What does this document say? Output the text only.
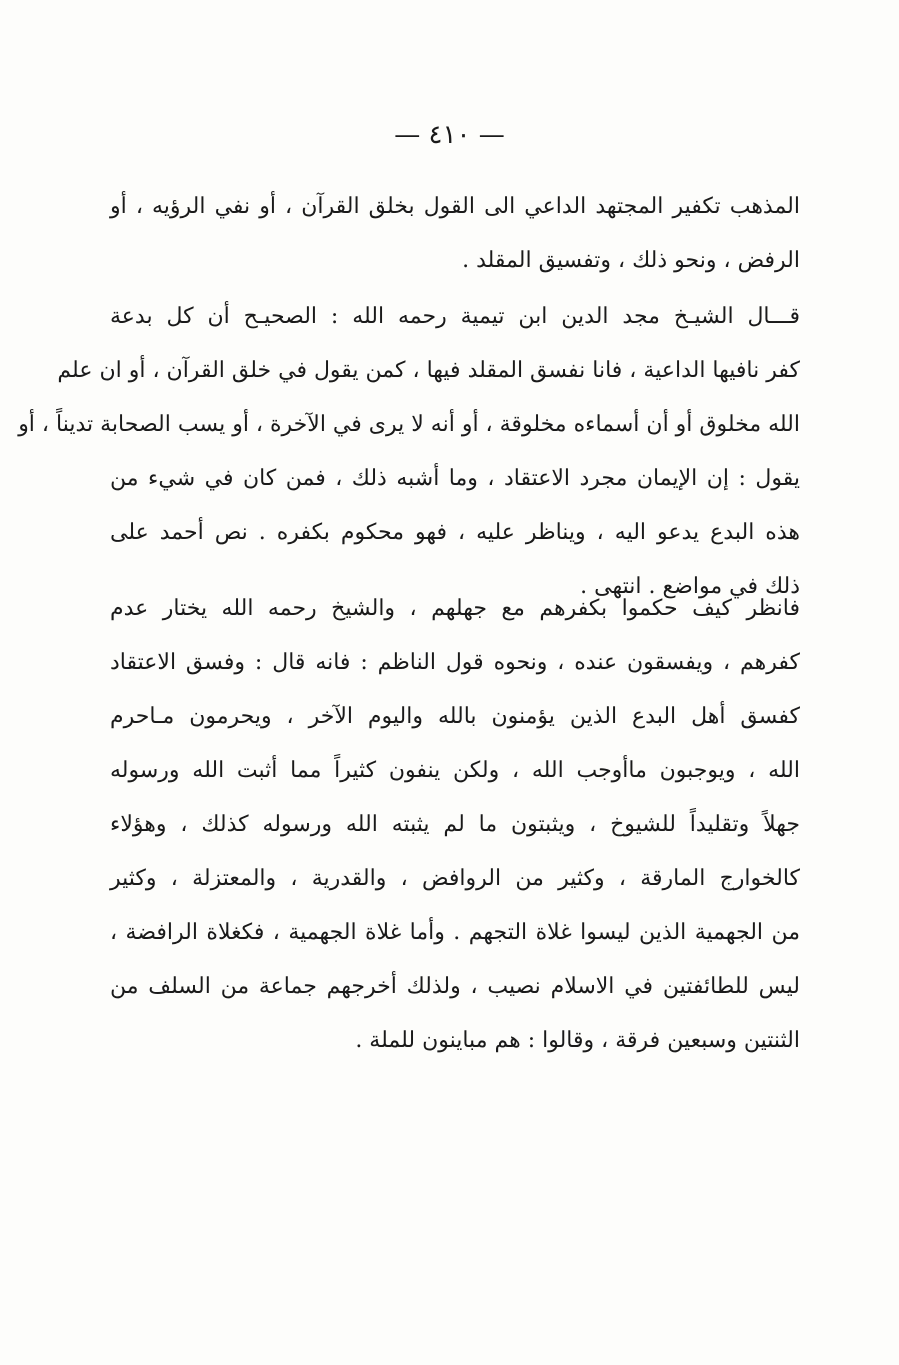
— ٤١٠ —
المذهب تكفير المجتهد الداعي الى القول بخلق القرآن ، أو نفي الرؤيه ، أو
الرفض ، ونحو ذلك ، وتفسيق المقلد .
قـــال الشيـخ مجد الدين ابن تيمية رحمه الله : الصحيـح أن كل بدعة
كفر نافيها الداعية ، فانا نفسق المقلد فيها ، كمن يقول في خلق القرآن ، أو ان علم
الله مخلوق أو أن أسماءه مخلوقة ، أو أنه لا يرى في الآخرة ، أو يسب الصحابة تديناً ، أو
يقول : إن الإيمان مجرد الاعتقاد ، وما أشبه ذلك ، فمن كان في شيء من
هذه البدع يدعو اليه ، ويناظر عليه ، فهو محكوم بكفره . نص أحمد على
ذلك في مواضع . انتهى .
فانظر كيف حكموا بكفرهم مع جهلهم ، والشيخ رحمه الله يختار عدم
كفرهم ، ويفسقون عنده ، ونحوه قول الناظم : فانه قال : وفسق الاعتقاد
كفسق أهل البدع الذين يؤمنون بالله واليوم الآخر ، ويحرمون مـاحرم
الله ، ويوجبون ماأوجب الله ، ولكن ينفون كثيراً مما أثبت الله ورسوله
جهلاً وتقليداً للشيوخ ، ويثبتون ما لم يثبته الله ورسوله كذلك ، وهؤلاء
كالخوارج المارقة ، وكثير من الروافض ، والقدرية ، والمعتزلة ، وكثير
من الجهمية الذين ليسوا غلاة التجهم . وأما غلاة الجهمية ، فكغلاة الرافضة ،
ليس للطائفتين في الاسلام نصيب ، ولذلك أخرجهم جماعة من السلف من
الثنتين وسبعين فرقة ، وقالوا : هم مباينون للملة .
